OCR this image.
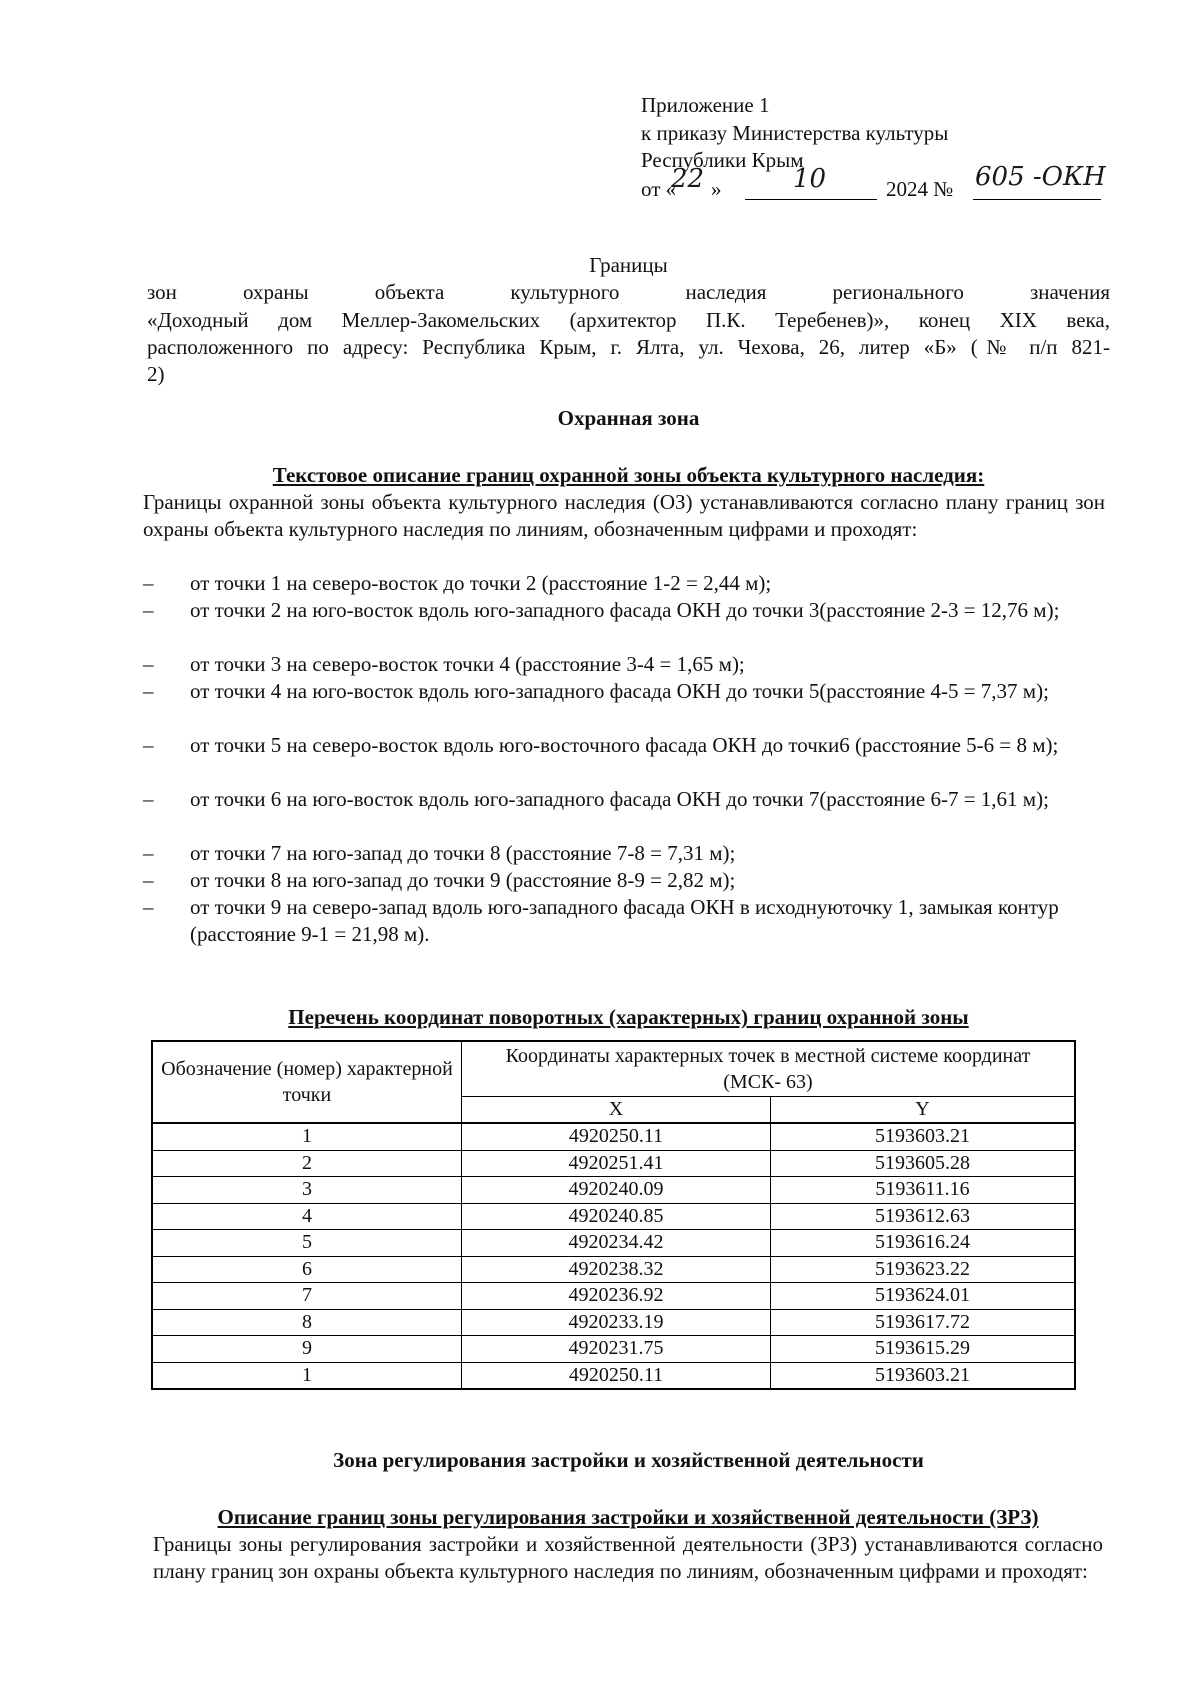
Приложение 1
к приказу Министерства культуры
Республики Крым
от «
22 »	10	2024 № 605 -ОКН
Границы
зон	охраны	объекта	культурного	наследия	регионального	значения
«Доходный дом Меллер-Закомельских (архитектор П.К. Теребенев)», конец XIX века,
расположенного по адресу: Республика Крым, г. Ялта, ул. Чехова, 26, литер «Б» (№ п/п 821-
2)
Охранная зона
Текстовое описание границ охранной зоны объекта культурного наследия:
Границы охранной зоны объекта культурного наследия (ОЗ) устанавливаются согласно плану границ зон охраны объекта культурного наследия по линиям, обозначенным цифрами и проходят:
– от точки 1 на северо-восток до точки 2 (расстояние 1-2 = 2,44 м);
– от точки 2 на юго-восток вдоль юго-западного фасада ОКН до точки 3(расстояние 2-3 = 12,76 м);
– от точки 3 на северо-восток точки 4 (расстояние 3-4 = 1,65 м);
– от точки 4 на юго-восток вдоль юго-западного фасада ОКН до точки 5(расстояние 4-5 = 7,37 м);
– от точки 5 на северо-восток вдоль юго-восточного фасада ОКН до точки6 (расстояние 5-6 = 8 м);
– от точки 6 на юго-восток вдоль юго-западного фасада ОКН до точки 7(расстояние 6-7 = 1,61 м);
– от точки 7 на юго-запад до точки 8 (расстояние 7-8 = 7,31 м);
– от точки 8 на юго-запад до точки 9 (расстояние 8-9 = 2,82 м);
– от точки 9 на северо-запад вдоль юго-западного фасада ОКН в исходнуюточку 1, замыкая контур (расстояние 9-1 = 21,98 м).
Перечень координат поворотных (характерных) границ охранной зоны
Обозначение (номер) характерной точки	Координаты характерных точек в местной системе координат (МСК- 63)	
	X	Y
1	4920250.11	5193603.21
2	4920251.41	5193605.28
3	4920240.09	5193611.16
4	4920240.85	5193612.63
5	4920234.42	5193616.24
6	4920238.32	5193623.22
7	4920236.92	5193624.01
8	4920233.19	5193617.72
9	4920231.75	5193615.29
1	4920250.11	5193603.21
Зона регулирования застройки и хозяйственной деятельности
Описание границ зоны регулирования застройки и хозяйственной деятельности (ЗРЗ)
Границы зоны регулирования застройки и хозяйственной деятельности (ЗРЗ) устанавливаются согласно плану границ зон охраны объекта культурного наследия по линиям, обозначенным цифрами и проходят:
